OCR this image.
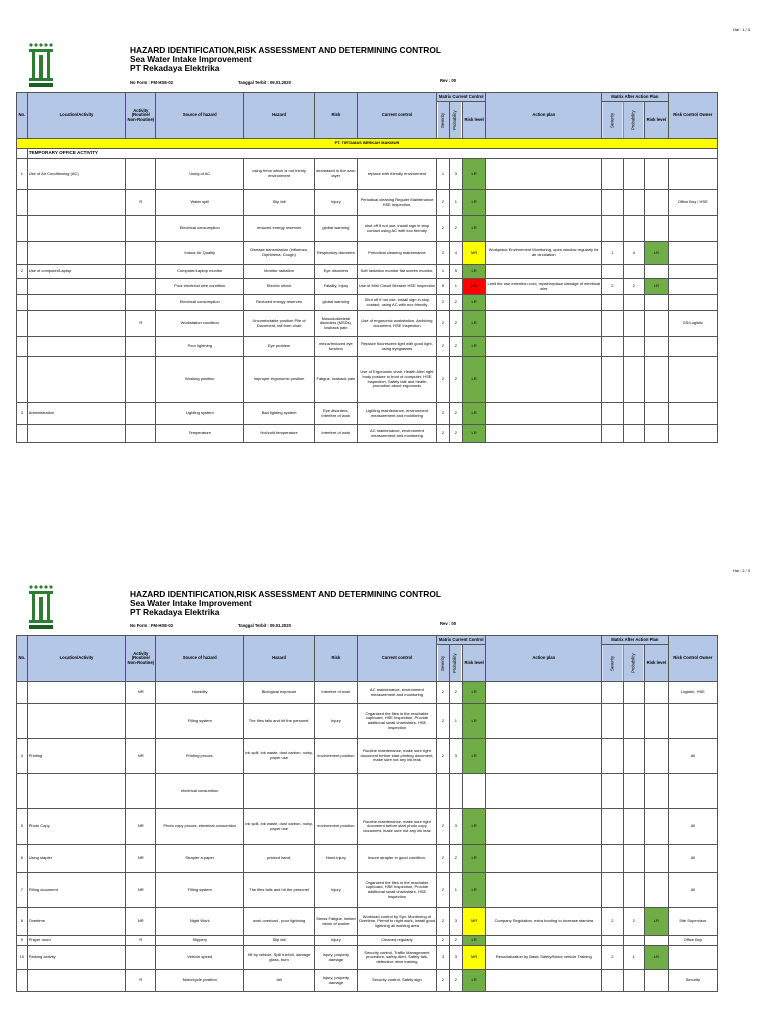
Hal : 1 / 3
HAZARD IDENTIFICATION,RISK ASSESSMENT AND DETERMINING CONTROL
Sea Water Intake Improvement
PT Rekadaya Elektrika
No Form : FM-HSE-02	Tanggal Terbit : 09.01.2020	Rev : 00
No.	Location/Activity	Activity (Routine/ Non-Routine)	Source of hazard	Hazard	Risk	Current control	Matrix Current Control			Action plan	Matrix After Action Plan			Risk Control Owner
							Severity	Probability	Risk level		Severity	Probability	Risk level	
PT. TIRTAMAS BERKAH MAKMUR														
	TEMPORARY OFFICE ACTIVITY													
1	Use of Air Conditioning (AC)		Using of AC	using freon which is not frienly environment	decreased in the ozon layer	replace with friendly environment	1	3	LR					
		R	Water spill	Slip fall	Injury	Periodical cleaning Reguler Maintenance HSE Inspection,	2	1	LR					Office Boy / HSE
			Electrical consumption	reduced energy reserves	global warming	shut off if not use, install sign in stop contact using AC with eco friendly	2	2	LR					
			Indoor Air Quality	Disease transmission (influenza, Diphtheria, Cough)	Respiratory disorders	Periodical cleaning maintenance	2	4	MR	Workplace Environment Monitoring, open window regularly for air circulation	1	4	LR	
2	Use of computer/Laptop		Computer/Laptop monitor	Monitor radiation	Eye disorders	Soft radiation monitor flat screen monitor,	1	5	LR					
			Poor electrical wire condition	Electric shock	Fatality, Injury	Use of Mini Circuit Breaker HSE Inspection	5	1	HR	Limit the use extention cord, repair/replace damage of electrical wire	2	2	LR	
			Electrical consumption	Reduced energy reserves	global warming	Shut off if not use, install sign in stop contact, using AC with eco friendly	2	2	LR					
		R	Workstation condition	Uncomfortable position Pile of Document, fall from chair	Musculoskeletal disorders (MSDs), lowback pain	Use of ergonomic workstation, Archiving document, HSE Inspection	2	2	LR					GS/Logistic
			Poor lightning	Eye problem	minus/reduced eye function	Replace flourescent light with good light, using eyeglasses	2	2	LR					
			Working position	Improper ergonomic position	Fatigue, lowback pain	Use of Ergonomic chair, Health Alert right body posture in front of computer, HSE Inspection, Safety talk and health promotion about ergonomic	2	2	LR					
3	Administration		Lighting system	Bad lighting system	Eye disorders, Interfere of work	Lighting maintenance, environment measurement and monitoring	2	2	LR					
			Temperature	Hot/cold temperature	Interfere of work	AC maintenance, environment measurement and monitoring	2	2	LR					
Hal : 2 / 3
HAZARD IDENTIFICATION,RISK ASSESSMENT AND DETERMINING CONTROL
Sea Water Intake Improvement
PT Rekadaya Elektrika
No Form : FM-HSE-02	Tanggal Terbit : 09.01.2020	Rev : 00
No.	Location/Activity	Activity (Routine/ Non-Routine)	Source of hazard	Hazard	Risk	Current control	Matrix Current Control			Action plan	Matrix After Action Plan			Risk Control Owner
							Severity	Probability	Risk level		Severity	Probability	Risk level	
		NR	Humidity	Biological exposure	Interfere of work	AC maintenance, environment measurement and monitoring	2	2	LR					Logistic, HSE
			Filling system	The files falls and hit the personel,	Injury	Organized the files in the reachable cupboard, HSE Inspection, Provide additional small chair/stairs, HSE Inspection	2	1	LR					
4	Printing	NR	Printing proces,	ink spill, ink waste, dust carbon, noisy, paper use	environment polution	Routine maintenance, make sure right document before start printing document, make sure not any ink leak	2	3	LR					All
			electrical consumtion											
5	Photo Copy	NR	Photo copy proces, electrical consumtion	ink spill, ink waste, dust carbon, noisy, paper use	environment polution	Routine maintenance, make sure right document before start photo copy document, make sure not any ink leak	2	3	LR					All
6	Using stapler	NR	Strapler a paper	pricked hand,	Hand injury	Insure strapler in good condition,	2	2	LR					All
7	Filling document	NR	Filling system	The files falls and hit the personel	Injury	Organized the files in the reachable cupboard, HSE Inspection, Provide additional small chair/stairs, HSE Inspection	2	1	LR					All
8	Overtime	NR	Night Work	work overload , poor lightning	Stress Fatigue, limited vision of worker	Workload control by Spv, Monitoring of Overtime, Permit to night work, install good lightning all working area	2	3	MR	Company Regulation, extra fooding to increase stamina	2	2	LR	Site Supervisor
9	Prayer room	R	Slippery	Slip fall	Injury	Cleaned regularly	2	2	LR					Office Boy
10	Parking activity		Vehicle speed	Hit by vehicle, Spill fuel/oil, damage glass, burn	Injury, property damage	Security control, Traffic Management procedure, safety Alert, Safety talk, defensive drive training	3	3	MR	Resocialization by Basic Safety/Motor vehicle Training	2	1	LR	
		R	Motorcycle position	fall	Injury, property damage	Security control, Safety sign	2	2	LR					Security
